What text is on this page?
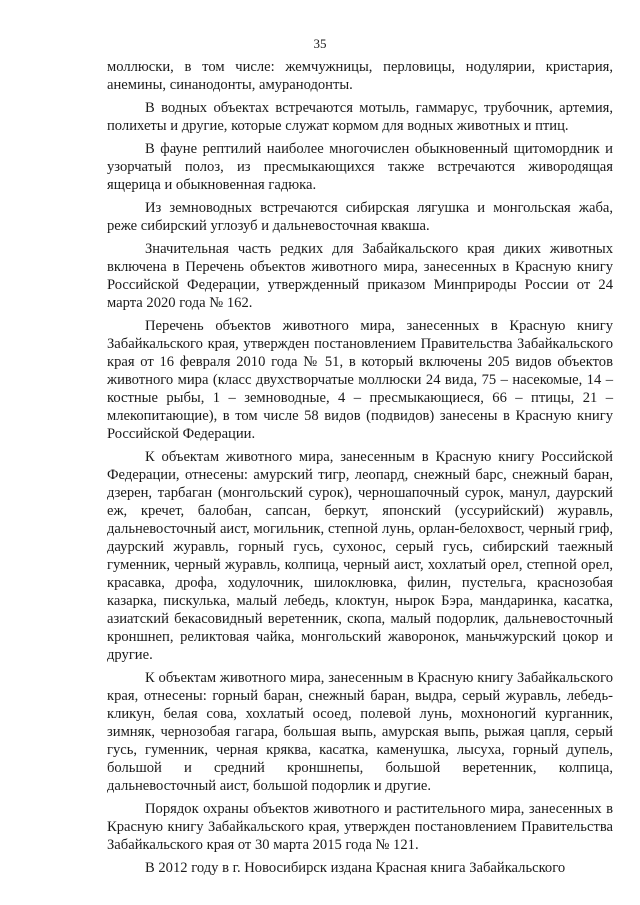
35

моллюски, в том числе: жемчужницы, перловицы, нодулярии, кристария, анемины, синанодонты, амуранодонты.

В водных объектах встречаются мотыль, гаммарус, трубочник, артемия, полихеты и другие, которые служат кормом для водных животных и птиц.

В фауне рептилий наиболее многочислен обыкновенный щитомордник и узорчатый полоз, из пресмыкающихся также встречаются живородящая ящерица и обыкновенная гадюка.

Из земноводных встречаются сибирская лягушка и монгольская жаба, реже сибирский углозуб и дальневосточная квакша.

Значительная часть редких для Забайкальского края диких животных включена в Перечень объектов животного мира, занесенных в Красную книгу Российской Федерации, утвержденный приказом Минприроды России от 24 марта 2020 года № 162.

Перечень объектов животного мира, занесенных в Красную книгу Забайкальского края, утвержден постановлением Правительства Забайкальского края от 16 февраля 2010 года № 51, в который включены 205 видов объектов животного мира (класс двухстворчатые моллюски 24 вида, 75 – насекомые, 14 – костные рыбы, 1 – земноводные, 4 – пресмыкающиеся, 66 – птицы, 21 – млекопитающие), в том числе 58 видов (подвидов) занесены в Красную книгу Российской Федерации.

К объектам животного мира, занесенным в Красную книгу Российской Федерации, отнесены: амурский тигр, леопард, снежный барс, снежный баран, дзерен, тарбаган (монгольский сурок), черношапочный сурок, манул, даурский еж, кречет, балобан, сапсан, беркут, японский (уссурийский) журавль, дальневосточный аист, могильник, степной лунь, орлан-белохвост, черный гриф, даурский журавль, горный гусь, сухонос, серый гусь, сибирский таежный гуменник, черный журавль, колпица, черный аист, хохлатый орел, степной орел, красавка, дрофа, ходулочник, шилоклювка, филин, пустельга, краснозобая казарка, пискулька, малый лебедь, клоктун, нырок Бэра, мандаринка, касатка, азиатский бекасовидный веретенник, скопа, малый подорлик, дальневосточный кроншнеп, реликтовая чайка, монгольский жаворонок, маньчжурский цокор и другие.

К объектам животного мира, занесенным в Красную книгу Забайкальского края, отнесены: горный баран, снежный баран, выдра, серый журавль, лебедь-кликун, белая сова, хохлатый осоед, полевой лунь, мохноногий курганник, зимняк, чернозобая гагара, большая выпь, амурская выпь, рыжая цапля, серый гусь, гуменник, черная кряква, касатка, каменушка, лысуха, горный дупель, большой и средний кроншнепы, большой веретенник, колпица, дальневосточный аист, большой подорлик и другие.

Порядок охраны объектов животного и растительного мира, занесенных в Красную книгу Забайкальского края, утвержден постановлением Правительства Забайкальского края от 30 марта 2015 года № 121.

В 2012 году в г. Новосибирск издана Красная книга Забайкальского
